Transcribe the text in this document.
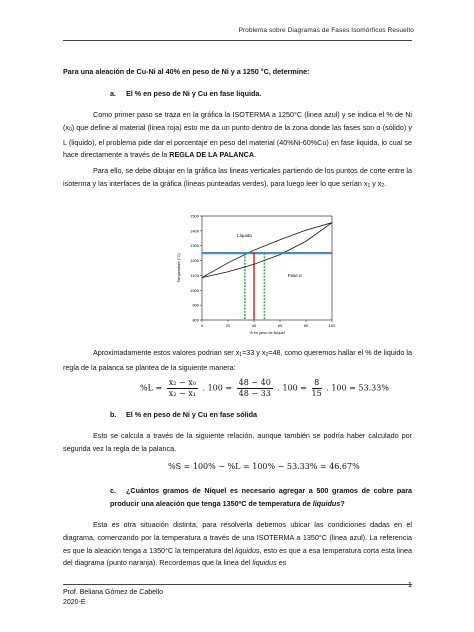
Problema sobre Diagramas de Fases Isomórficos Resuelto
Para una aleación de Cu-Ni al 40% en peso de Ni y a 1250 °C, determine:
a. El % en peso de Ni y Cu en fase liquida.
Como primer paso se traza en la gráfica la ISOTERMA a 1250°C (linea azul) y se indica el % de Ni $(x_0)$ que define al material (linea roja) esto me da un punto dentro de la zona donde las fases son α (sólido) y L (liquido), el problema pide dar el porcentaje en peso del material (40%Ni-60%Cu) en fase liquida, lo cual se hace directamente a través de la REGLA DE LA PALANCA.
Para ello, se debe dibujar en la gráfica las lineas verticales partiendo de los puntos de corte entre la isoterma y las interfaces de la gráfica (lineas punteadas verdes), para luego leer lo que serían $x_1$ y $x_2$.
800
900
1000
1100
1200
1300
1400
1500
0	20	40	60	80	100
Temperature (°C)
% en peso de Níquel
Líquido
Fase α
Aproximadamente estos valores podrian ser $x_1=33$ y $x_2=48$, como queremos hallar el % de liquido la regla de la palanca se plantea de la siguiente manera:
$\%L = \frac{\text{x₂ − x₀}}{\text{x₂ − x₁}}$ . $100 = \frac{48 - 40}{48 - 33}$ . $100 = \frac{8}{15}$ . 100 = 53.33%
b. El % en peso de Ni y Cu en fase sólida
Esto se calcula a través de la siguiente relación, aunque también se podría haber calculado por segunda vez la regla de la palanca.
%S = 100% − %L = 100% − 53.33% = 46.67%
c. ¿Cuántos gramos de Níquel es necesario agregar a 500 gramos de cobre para producir una aleación que tenga 1350ºC de temperatura de liquidus?
Esta es otra situación distinta, para resolverla debemos ubicar las condiciones dadas en el diagrama, comenzando por la temperatura a través de una ISOTERMA a 1350°C (linea azul). La referencia es que la aleación tenga a 1350°C la temperatura del liquidus, esto es que a esa temperatura corta esta linea del diagrama (punto naranja). Recordemos que la linea del liquidus es
1
Prof. Beliana Gómez de Cabello
2020-E
